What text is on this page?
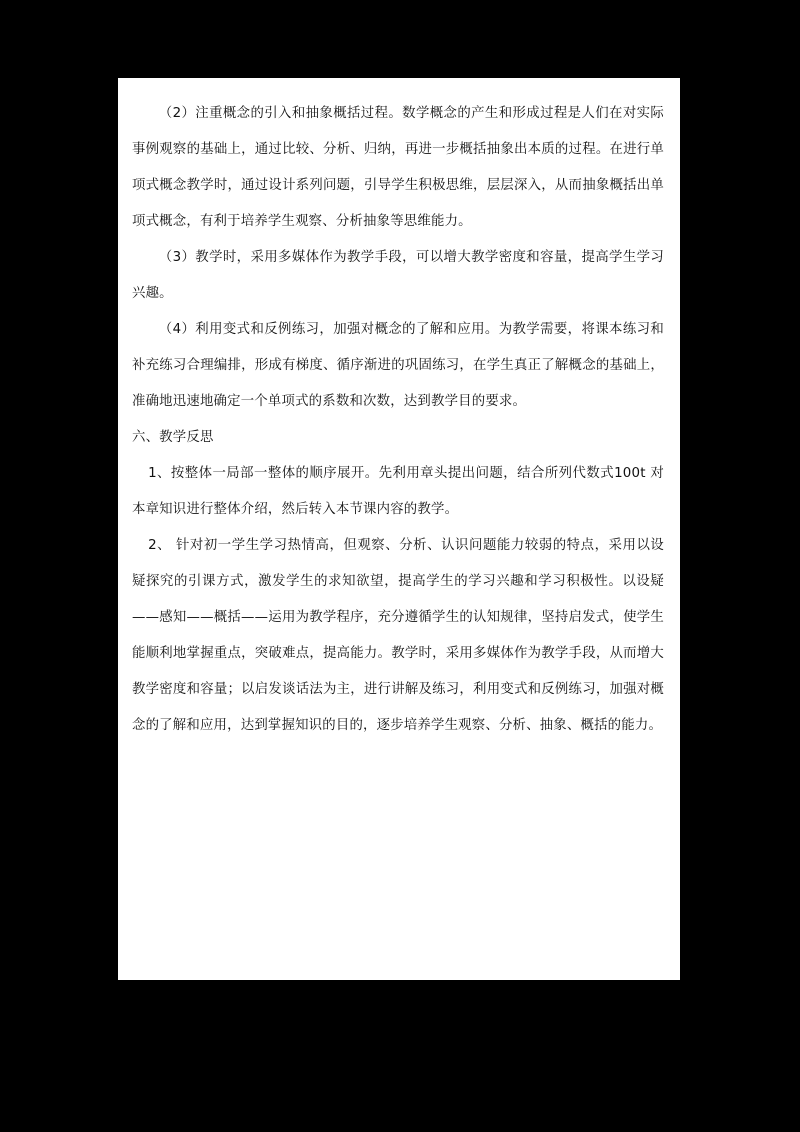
（2）注重概念的引入和抽象概括过程。数学概念的产生和形成过程是人们在对实际事例观察的基础上，通过比较、分析、归纳，再进一步概括抽象出本质的过程。在进行单项式概念教学时，通过设计系列问题，引导学生积极思维，层层深入，从而抽象概括出单项式概念，有利于培养学生观察、分析抽象等思维能力。

（3）教学时，采用多媒体作为教学手段，可以增大教学密度和容量，提高学生学习兴趣。

（4）利用变式和反例练习，加强对概念的了解和应用。为教学需要，将课本练习和补充练习合理编排，形成有梯度、循序渐进的巩固练习，在学生真正了解概念的基础上，准确地迅速地确定一个单项式的系数和次数，达到教学目的要求。

六、教学反思

1、按整体一局部一整体的顺序展开。先利用章头提出问题，结合所列代数式100t 对本章知识进行整体介绍，然后转入本节课内容的教学。

2、 针对初一学生学习热情高，但观察、分析、认识问题能力较弱的特点，采用以设疑探究的引课方式，激发学生的求知欲望，提高学生的学习兴趣和学习积极性。以设疑——感知——概括——运用为教学程序，充分遵循学生的认知规律，坚持启发式，使学生能顺利地掌握重点，突破难点，提高能力。教学时，采用多媒体作为教学手段，从而增大教学密度和容量；以启发谈话法为主，进行讲解及练习，利用变式和反例练习，加强对概念的了解和应用，达到掌握知识的目的，逐步培养学生观察、分析、抽象、概括的能力。
